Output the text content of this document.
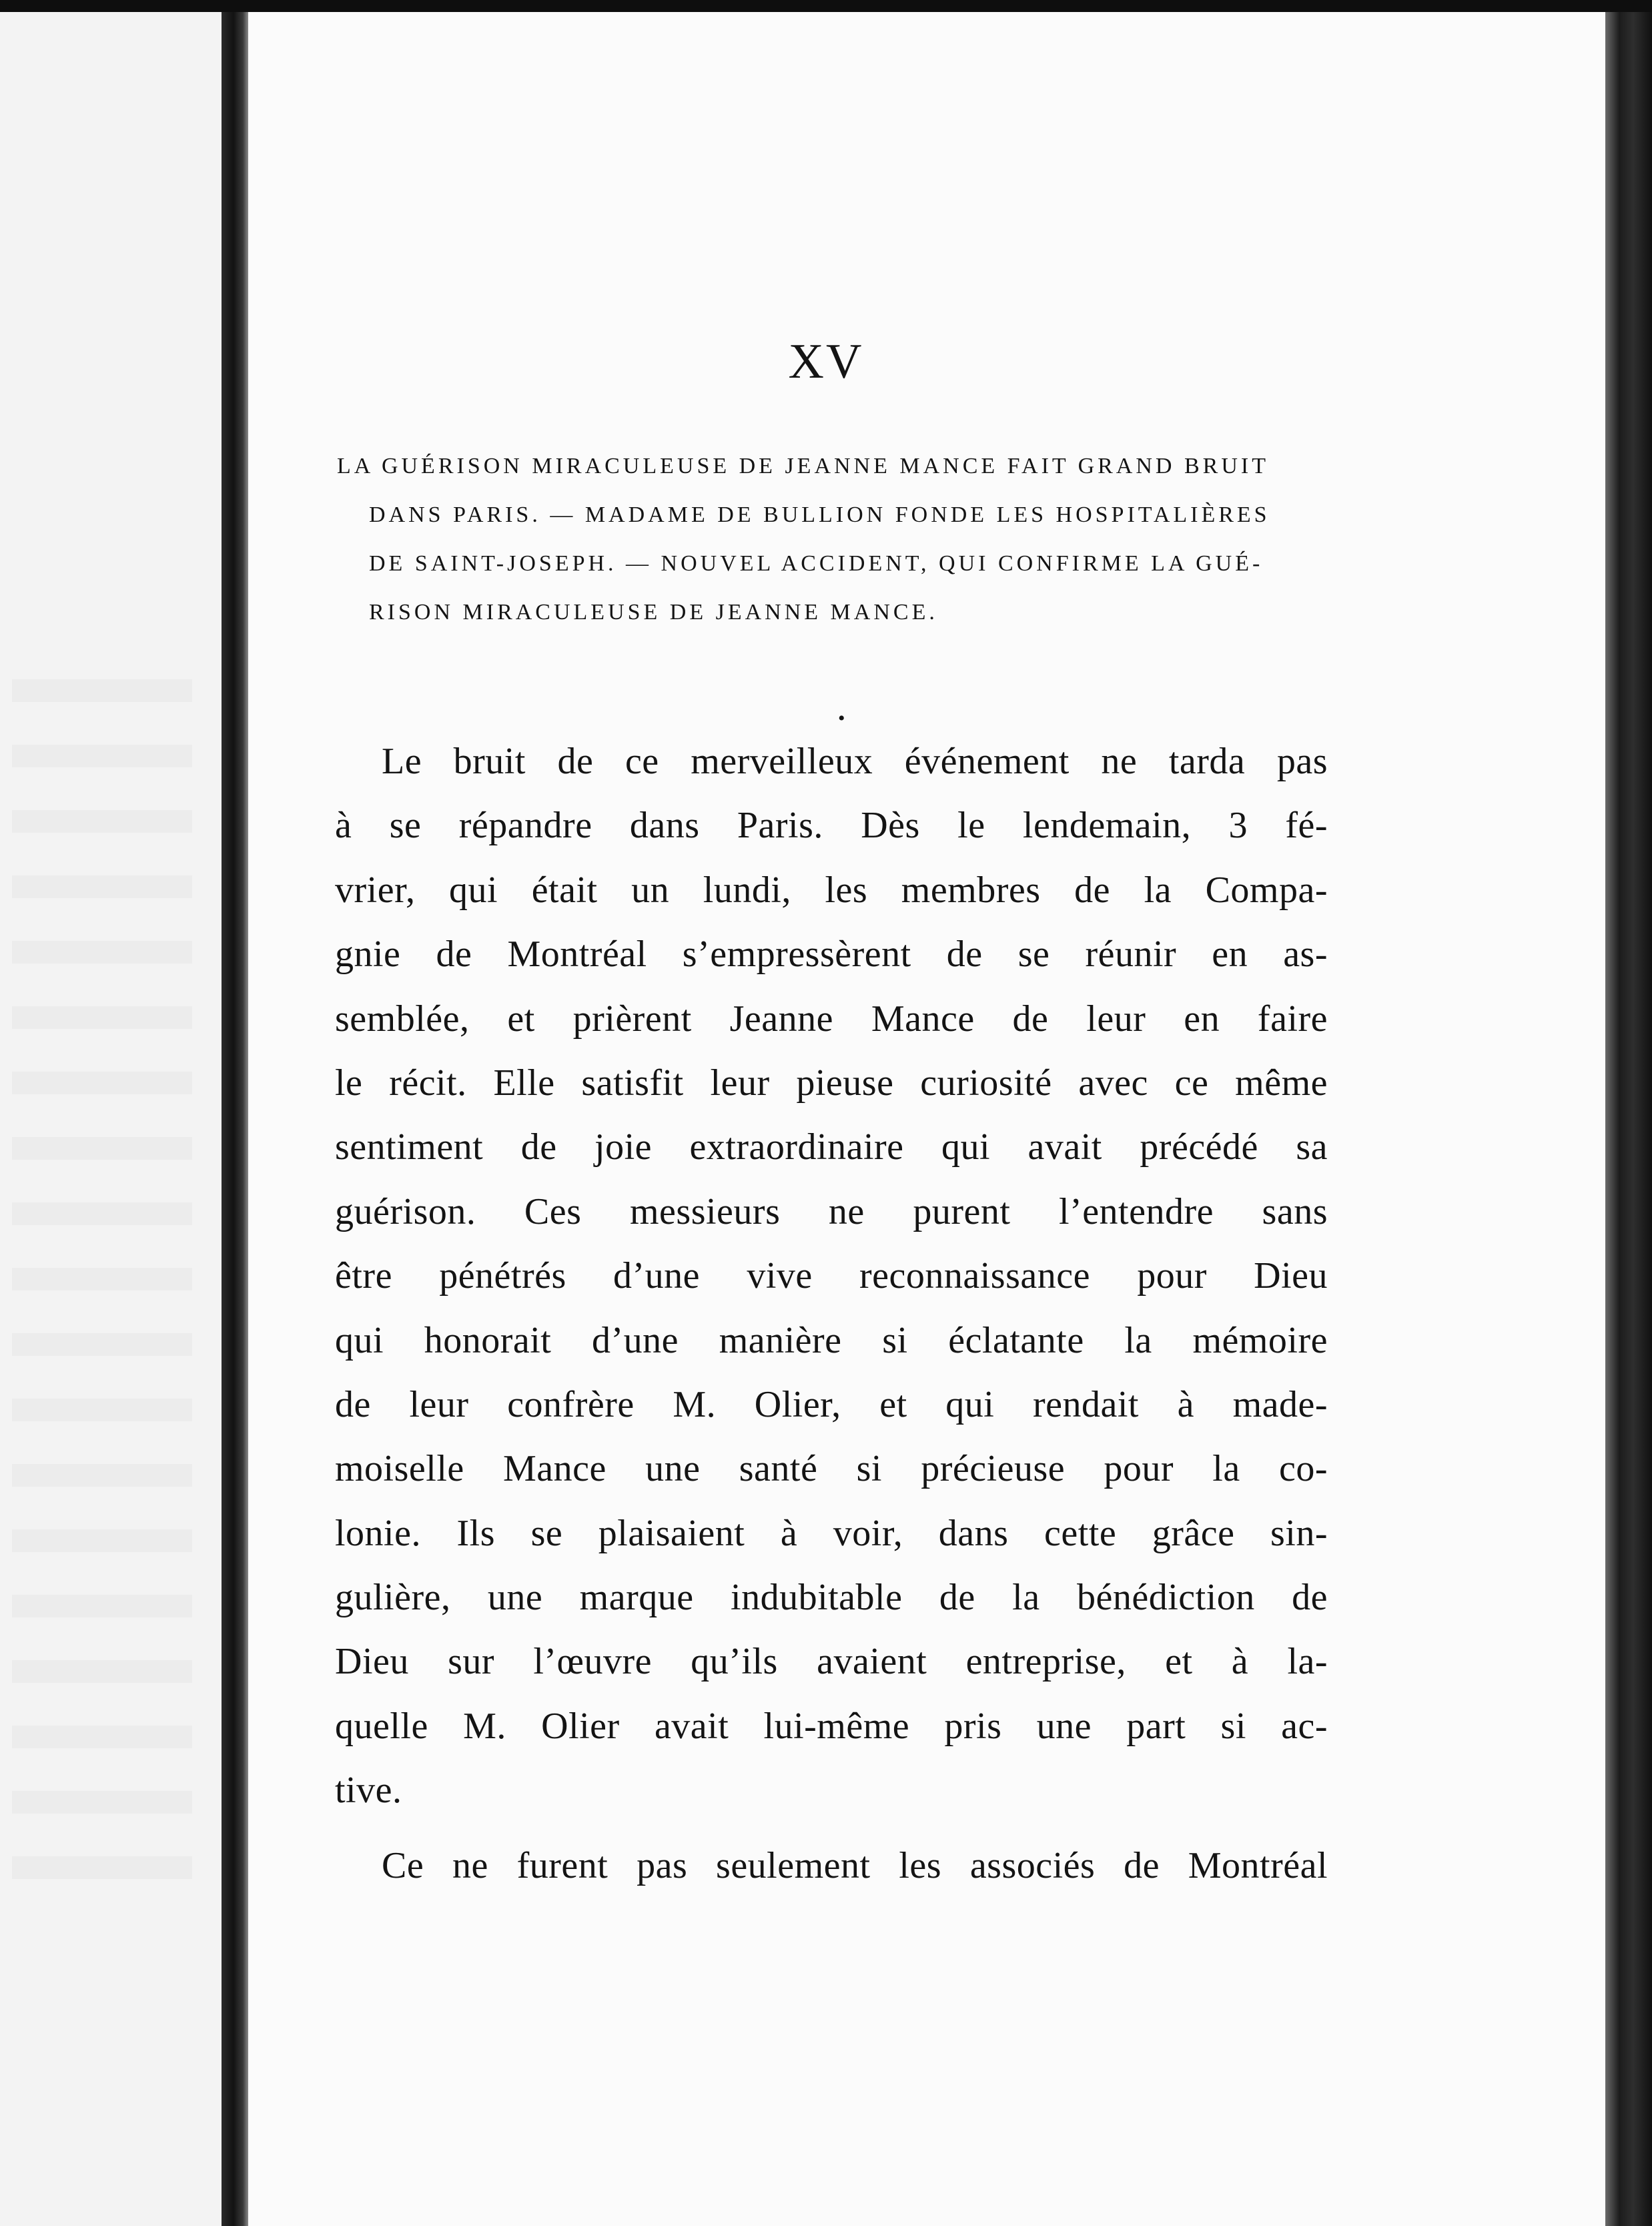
XV

LA GUÉRISON MIRACULEUSE DE JEANNE MANCE FAIT GRAND BRUIT
DANS PARIS. — MADAME DE BULLION FONDE LES HOSPITALIÈRES
DE SAINT-JOSEPH. — NOUVEL ACCIDENT, QUI CONFIRME LA GUÉ-
RISON MIRACULEUSE DE JEANNE MANCE.

•
Le bruit de ce merveilleux événement ne tarda pas
à se répandre dans Paris. Dès le lendemain, 3 fé-
vrier, qui était un lundi, les membres de la Compa-
gnie de Montréal s’empressèrent de se réunir en as-
semblée, et prièrent Jeanne Mance de leur en faire
le récit. Elle satisfit leur pieuse curiosité avec ce même
sentiment de joie extraordinaire qui avait précédé sa
guérison. Ces messieurs ne purent l’entendre sans
être pénétrés d’une vive reconnaissance pour Dieu
qui honorait d’une manière si éclatante la mémoire
de leur confrère M. Olier, et qui rendait à made-
moiselle Mance une santé si précieuse pour la co-
lonie. Ils se plaisaient à voir, dans cette grâce sin-
gulière, une marque indubitable de la bénédiction de
Dieu sur l’œuvre qu’ils avaient entreprise, et à la-
quelle M. Olier avait lui-même pris une part si ac-
tive.
Ce ne furent pas seulement les associés de Montréal
